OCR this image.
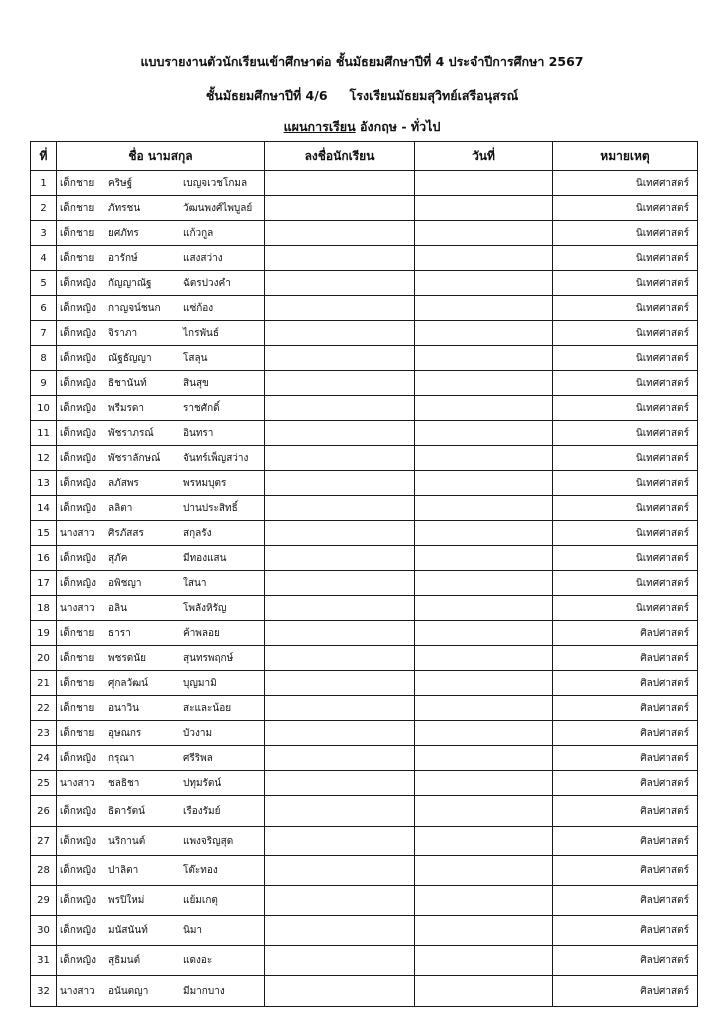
แบบรายงานตัวนักเรียนเข้าศึกษาต่อ ชั้นมัธยมศึกษาปีที่ 4 ประจำปีการศึกษา 2567
ชั้นมัธยมศึกษาปีที่ 4/6 โรงเรียนมัธยมสุวิทย์เสรีอนุสรณ์
แผนการเรียน อังกฤษ - ทั่วไป
ที่	ชื่อ นามสกุล	ลงชื่อนักเรียน	วันที่	หมายเหตุ
1	เด็กชาย คริษฐ์ เบญจเวชโกมล			นิเทศศาสตร์
2	เด็กชาย ภัทรชน วัฒนพงศ์ไพบูลย์			นิเทศศาสตร์
3	เด็กชาย ยศภัทร แก้วกูล			นิเทศศาสตร์
4	เด็กชาย อารักษ์ แสงสว่าง			นิเทศศาสตร์
5	เด็กหญิง กัญญาณัฐ ฉัตรปวงคำ			นิเทศศาสตร์
6	เด็กหญิง กาญจน์ชนก แซ่ก้อง			นิเทศศาสตร์
7	เด็กหญิง จิราภา ไกรพันธ์			นิเทศศาสตร์
8	เด็กหญิง ณัฐธัญญา โสลุน			นิเทศศาสตร์
9	เด็กหญิง ธิชานันท์ สินสุข			นิเทศศาสตร์
10	เด็กหญิง พรีมรดา ราชศักดิ์			นิเทศศาสตร์
11	เด็กหญิง พัชราภรณ์ อินทรา			นิเทศศาสตร์
12	เด็กหญิง พัชราลักษณ์ จันทร์เพ็ญสว่าง			นิเทศศาสตร์
13	เด็กหญิง ลภัสพร พรหมบุตร			นิเทศศาสตร์
14	เด็กหญิง ลลิตา ปานประสิทธิ์			นิเทศศาสตร์
15	นางสาว ศิรภัสสร สกุลรัง			นิเทศศาสตร์
16	เด็กหญิง สุภัค มีทองแสน			นิเทศศาสตร์
17	เด็กหญิง อพิชญา ใสนา			นิเทศศาสตร์
18	นางสาว อลิน โพลังหิรัญ			นิเทศศาสตร์
19	เด็กชาย ธารา ค้าพลอย			ศิลปศาสตร์
20	เด็กชาย พชรดนัย สุนทรพฤกษ์			ศิลปศาสตร์
21	เด็กชาย ศุกลวัฒน์ บุญมามิ			ศิลปศาสตร์
22	เด็กชาย อนาวิน สะและน้อย			ศิลปศาสตร์
23	เด็กชาย อุษณกร บัวงาม			ศิลปศาสตร์
24	เด็กหญิง กรุณา ศรีริพล			ศิลปศาสตร์
25	นางสาว ชลธิชา ปทุมรัตน์			ศิลปศาสตร์
26	เด็กหญิง ธิดารัตน์ เรืองรัมย์			ศิลปศาสตร์
27	เด็กหญิง นริกานต์ แพงจริญสุด			ศิลปศาสตร์
28	เด็กหญิง ปาลิตา โต๊ะทอง			ศิลปศาสตร์
29	เด็กหญิง พรปิใหม่ แย้มเกตุ			ศิลปศาสตร์
30	เด็กหญิง มนัสนันท์ นิมา			ศิลปศาสตร์
31	เด็กหญิง สุธิมนต์ แดงอะ			ศิลปศาสตร์
32	นางสาว อนันตญา มีมากบาง			ศิลปศาสตร์
